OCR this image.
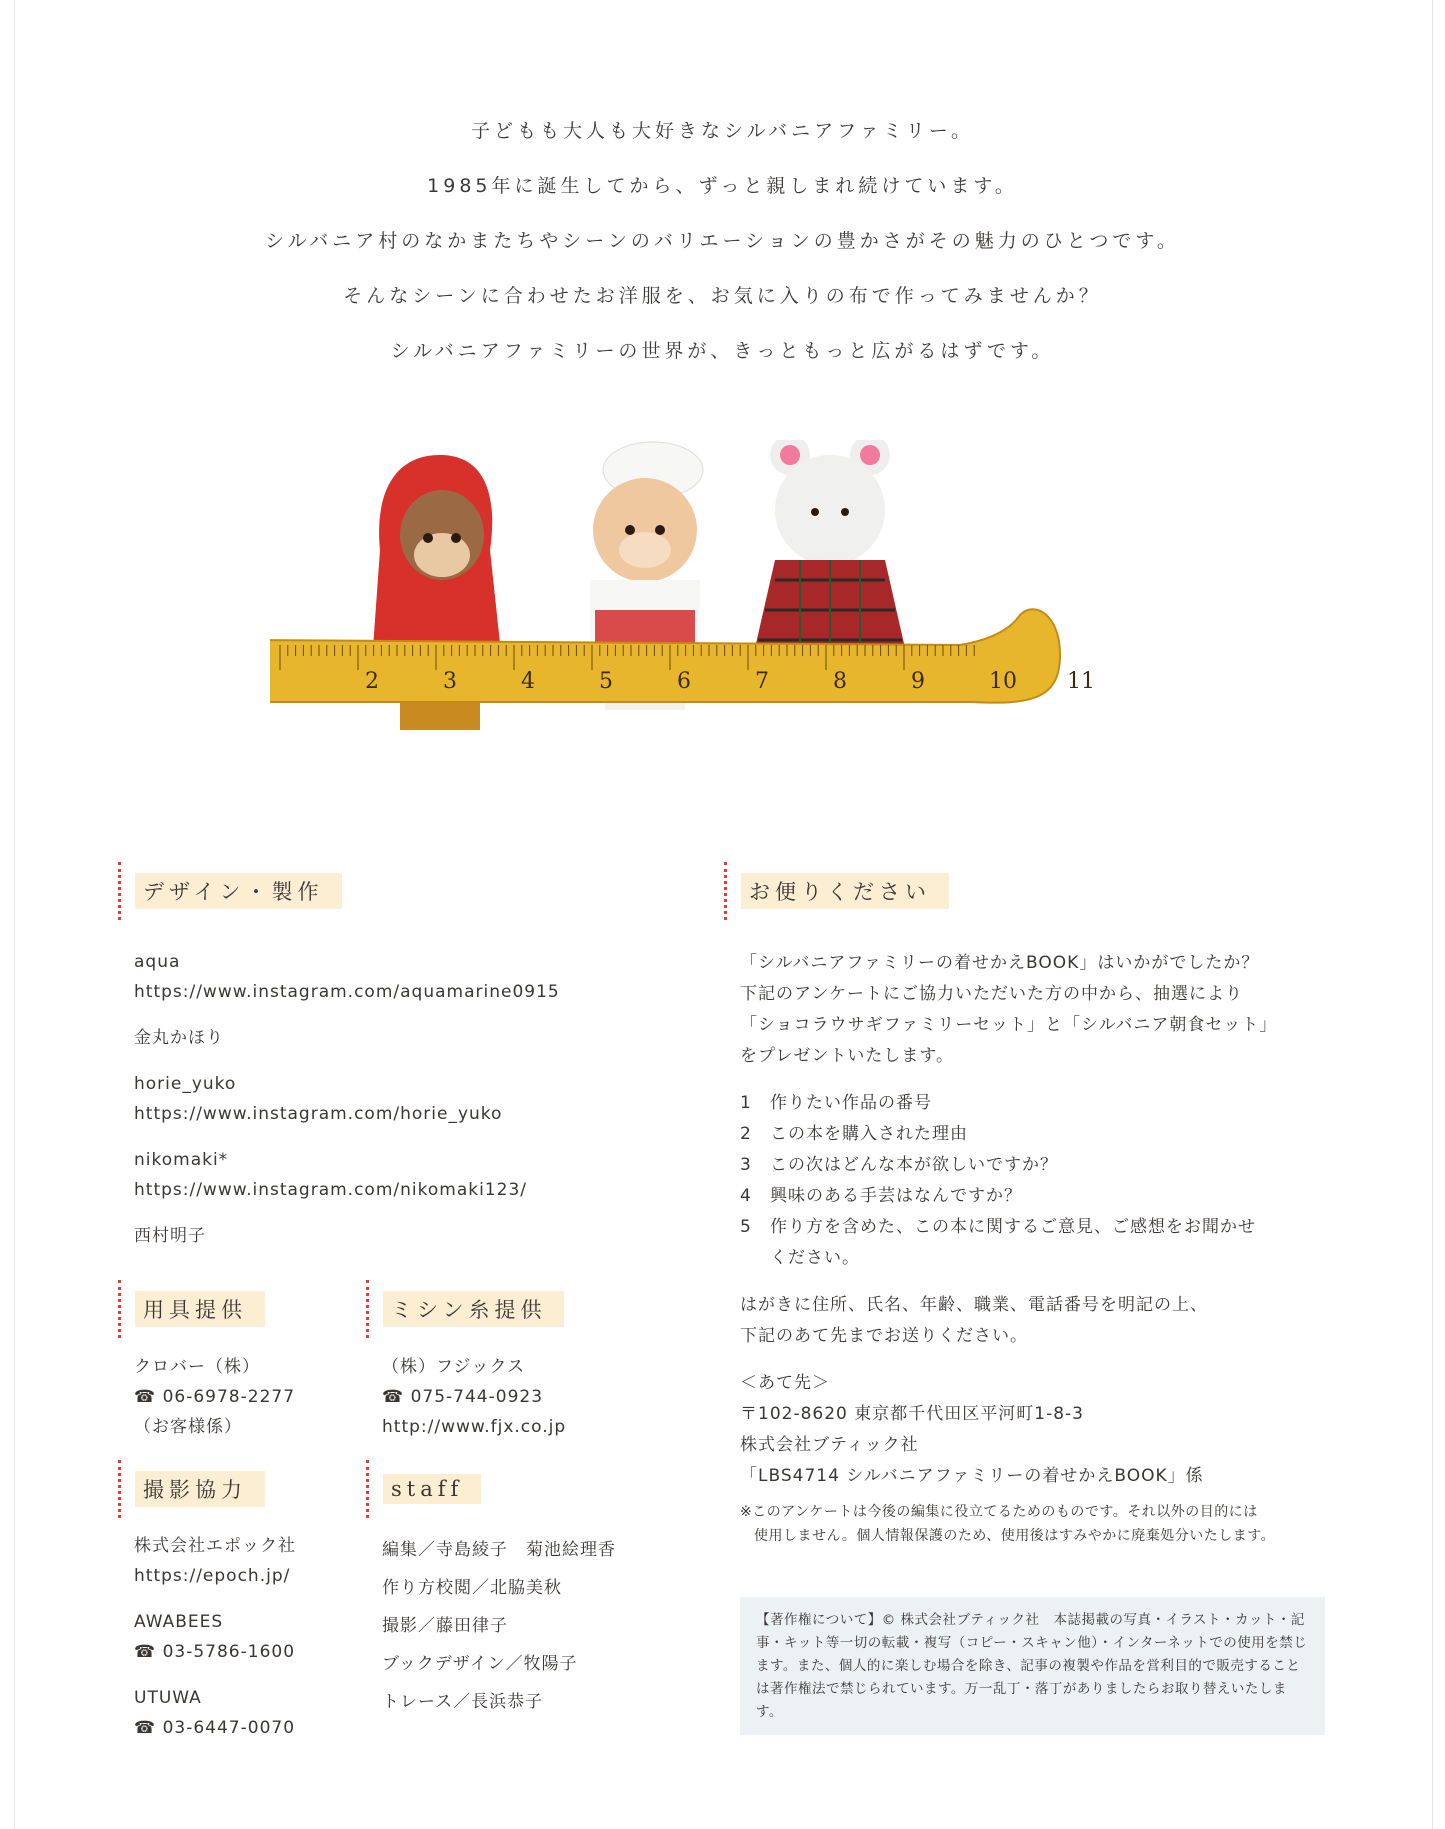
子どもも大人も大好きなシルバニアファミリー。

1985年に誕生してから、ずっと親しまれ続けています。

シルバニア村のなかまたちやシーンのバリエーションの豊かさがその魅力のひとつです。

そんなシーンに合わせたお洋服を、お気に入りの布で作ってみませんか？

シルバニアファミリーの世界が、きっともっと広がるはずです。

2	3	4	5	6	7	8	9	10 11
デザイン・製作
aqua
https://www.instagram.com/aquamarine0915
金丸かほり
horie_yuko
https://www.instagram.com/horie_yuko
nikomaki*
https://www.instagram.com/nikomaki123/
西村明子
用具提供
クロバー（株）
☎ 06-6978-2277
（お客様係）
ミシン糸提供
（株）フジックス
☎ 075-744-0923
http://www.fjx.co.jp
撮影協力
株式会社エポック社
https://epoch.jp/
AWABEES
☎ 03-5786-1600
UTUWA
☎ 03-6447-0070
staff
編集／寺島綾子　菊池絵理香
作り方校閲／北脇美秋
撮影／藤田律子
ブックデザイン／牧陽子
トレース／長浜恭子
お便りください
「シルバニアファミリーの着せかえBOOK」はいかがでしたか？
下記のアンケートにご協力いただいた方の中から、抽選により
「ショコラウサギファミリーセット」と「シルバニア朝食セット」
をプレゼントいたします。
1 作りたい作品の番号
2 この本を購入された理由
3 この次はどんな本が欲しいですか？
4 興味のある手芸はなんですか？
5 作り方を含めた、この本に関するご意見、ご感想をお聞かせ
ください。
はがきに住所、氏名、年齢、職業、電話番号を明記の上、
下記のあて先までお送りください。
＜あて先＞
〒102-8620 東京都千代田区平河町1-8-3
株式会社ブティック社
「LBS4714 シルバニアファミリーの着せかえBOOK」係
※このアンケートは今後の編集に役立てるためのものです。それ以外の目的には
使用しません。個人情報保護のため、使用後はすみやかに廃棄処分いたします。
【著作権について】© 株式会社ブティック社　本誌掲載の写真・イラスト・カット・記事・キット等一切の転載・複写（コピー・スキャン他）・インターネットでの使用を禁じます。また、個人的に楽しむ場合を除き、記事の複製や作品を営利目的で販売することは著作権法で禁じられています。万一乱丁・落丁がありましたらお取り替えいたします。
